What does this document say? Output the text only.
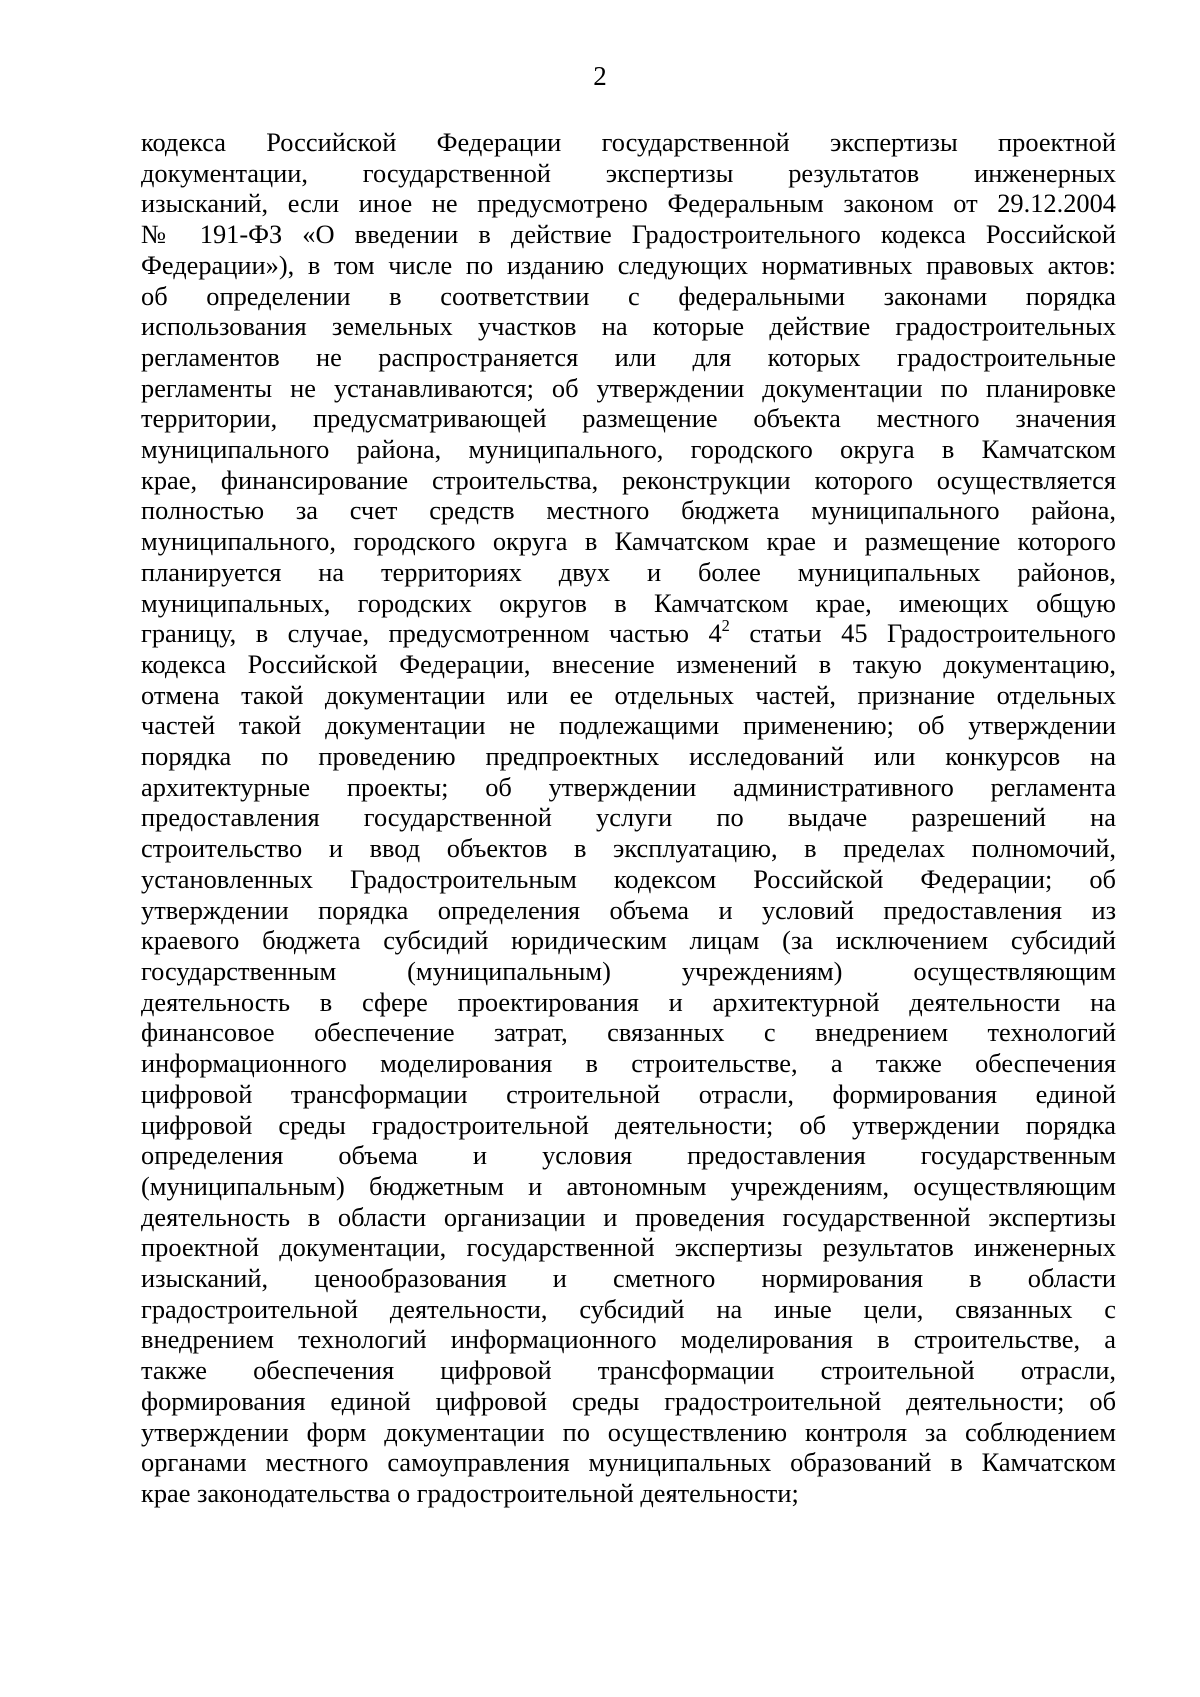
2
кодекса Российской Федерации государственной экспертизы проектной
документации, государственной экспертизы результатов инженерных
изысканий, если иное не предусмотрено Федеральным законом от 29.12.2004
№ 191-ФЗ «О введении в действие Градостроительного кодекса Российской
Федерации»), в том числе по изданию следующих нормативных правовых актов:
об определении в соответствии с федеральными законами порядка
использования земельных участков на которые действие градостроительных
регламентов не распространяется или для которых градостроительные
регламенты не устанавливаются; об утверждении документации по планировке
территории, предусматривающей размещение объекта местного значения
муниципального района, муниципального, городского округа в Камчатском
крае, финансирование строительства, реконструкции которого осуществляется
полностью за счет средств местного бюджета муниципального района,
муниципального, городского округа в Камчатском крае и размещение которого
планируется на территориях двух и более муниципальных районов,
муниципальных, городских округов в Камчатском крае, имеющих общую
границу, в случае, предусмотренном частью $4^2$ статьи 45 Градостроительного
кодекса Российской Федерации, внесение изменений в такую документацию,
отмена такой документации или ее отдельных частей, признание отдельных
частей такой документации не подлежащими применению; об утверждении
порядка по проведению предпроектных исследований или конкурсов на
архитектурные проекты; об утверждении административного регламента
предоставления государственной услуги по выдаче разрешений на
строительство и ввод объектов в эксплуатацию, в пределах полномочий,
установленных Градостроительным кодексом Российской Федерации; об
утверждении порядка определения объема и условий предоставления из
краевого бюджета субсидий юридическим лицам (за исключением субсидий
государственным (муниципальным) учреждениям) осуществляющим
деятельность в сфере проектирования и архитектурной деятельности на
финансовое обеспечение затрат, связанных с внедрением технологий
информационного моделирования в строительстве, а также обеспечения
цифровой трансформации строительной отрасли, формирования единой
цифровой среды градостроительной деятельности; об утверждении порядка
определения объема и условия предоставления государственным
(муниципальным) бюджетным и автономным учреждениям, осуществляющим
деятельность в области организации и проведения государственной экспертизы
проектной документации, государственной экспертизы результатов инженерных
изысканий, ценообразования и сметного нормирования в области
градостроительной деятельности, субсидий на иные цели, связанных с
внедрением технологий информационного моделирования в строительстве, а
также обеспечения цифровой трансформации строительной отрасли,
формирования единой цифровой среды градостроительной деятельности; об
утверждении форм документации по осуществлению контроля за соблюдением
органами местного самоуправления муниципальных образований в Камчатском
крае законодательства о градостроительной деятельности;
